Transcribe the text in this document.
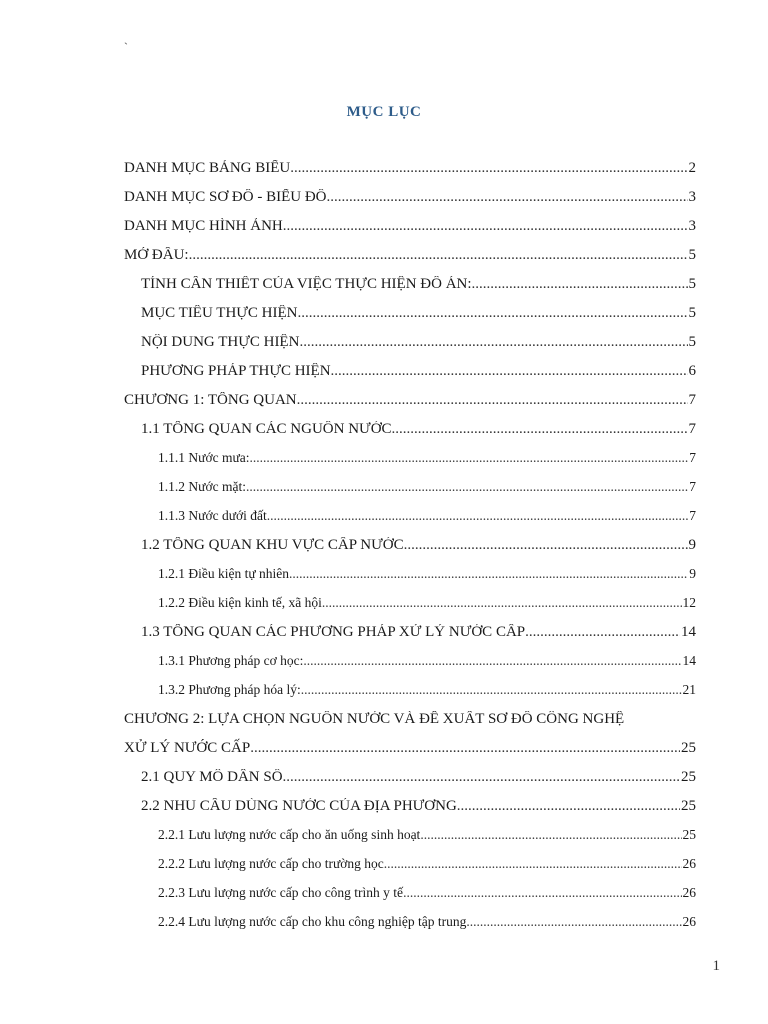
`
MỤC LỤC
DANH MỤC BẢNG BIỂU .....	2
DANH MỤC SƠ ĐỒ - BIỂU ĐỒ .....	3
DANH MỤC HÌNH ẢNH .....	3
MỞ ĐẦU: .....	5
TÍNH CẦN THIẾT CỦA VIỆC THỰC HIỆN ĐỒ ÁN: .....	5
MỤC TIÊU THỰC HIỆN .....	5
NỘI DUNG THỰC HIỆN .....	5
PHƯƠNG PHÁP THỰC HIỆN .....	6
CHƯƠNG 1: TỔNG QUAN .....	7
1.1 TỔNG QUAN CÁC NGUỒN NƯỚC .....	7
1.1.1 Nước mưa: .....	7
1.1.2 Nước mặt: .....	7
1.1.3 Nước dưới đất .....	7
1.2 TỔNG QUAN KHU VỰC CẤP NƯỚC .....	9
1.2.1 Điều kiện tự nhiên .....	9
1.2.2 Điều kiện kinh tế, xã hội .....	12
1.3 TỔNG QUAN CÁC PHƯƠNG PHÁP XỬ LÝ NƯỚC CẤP .....	14
1.3.1 Phương pháp cơ học: .....	14
1.3.2 Phương pháp hóa lý: .....	21
CHƯƠNG 2: LỰA CHỌN NGUỒN NƯỚC VÀ ĐỀ XUẤT SƠ ĐỒ CÔNG NGHỆ
XỬ LÝ NƯỚC CẤP .....	25
2.1 QUY MÔ DÂN SỐ .....	25
2.2 NHU CẦU DÙNG NƯỚC CỦA ĐỊA PHƯƠNG .....	25
2.2.1 Lưu lượng nước cấp cho ăn uống sinh hoạt .....	25
2.2.2 Lưu lượng nước cấp cho trường học .....	26
2.2.3 Lưu lượng nước cấp cho công trình y tế .....	26
2.2.4 Lưu lượng nước cấp cho khu công nghiệp tập trung .....	26
1
